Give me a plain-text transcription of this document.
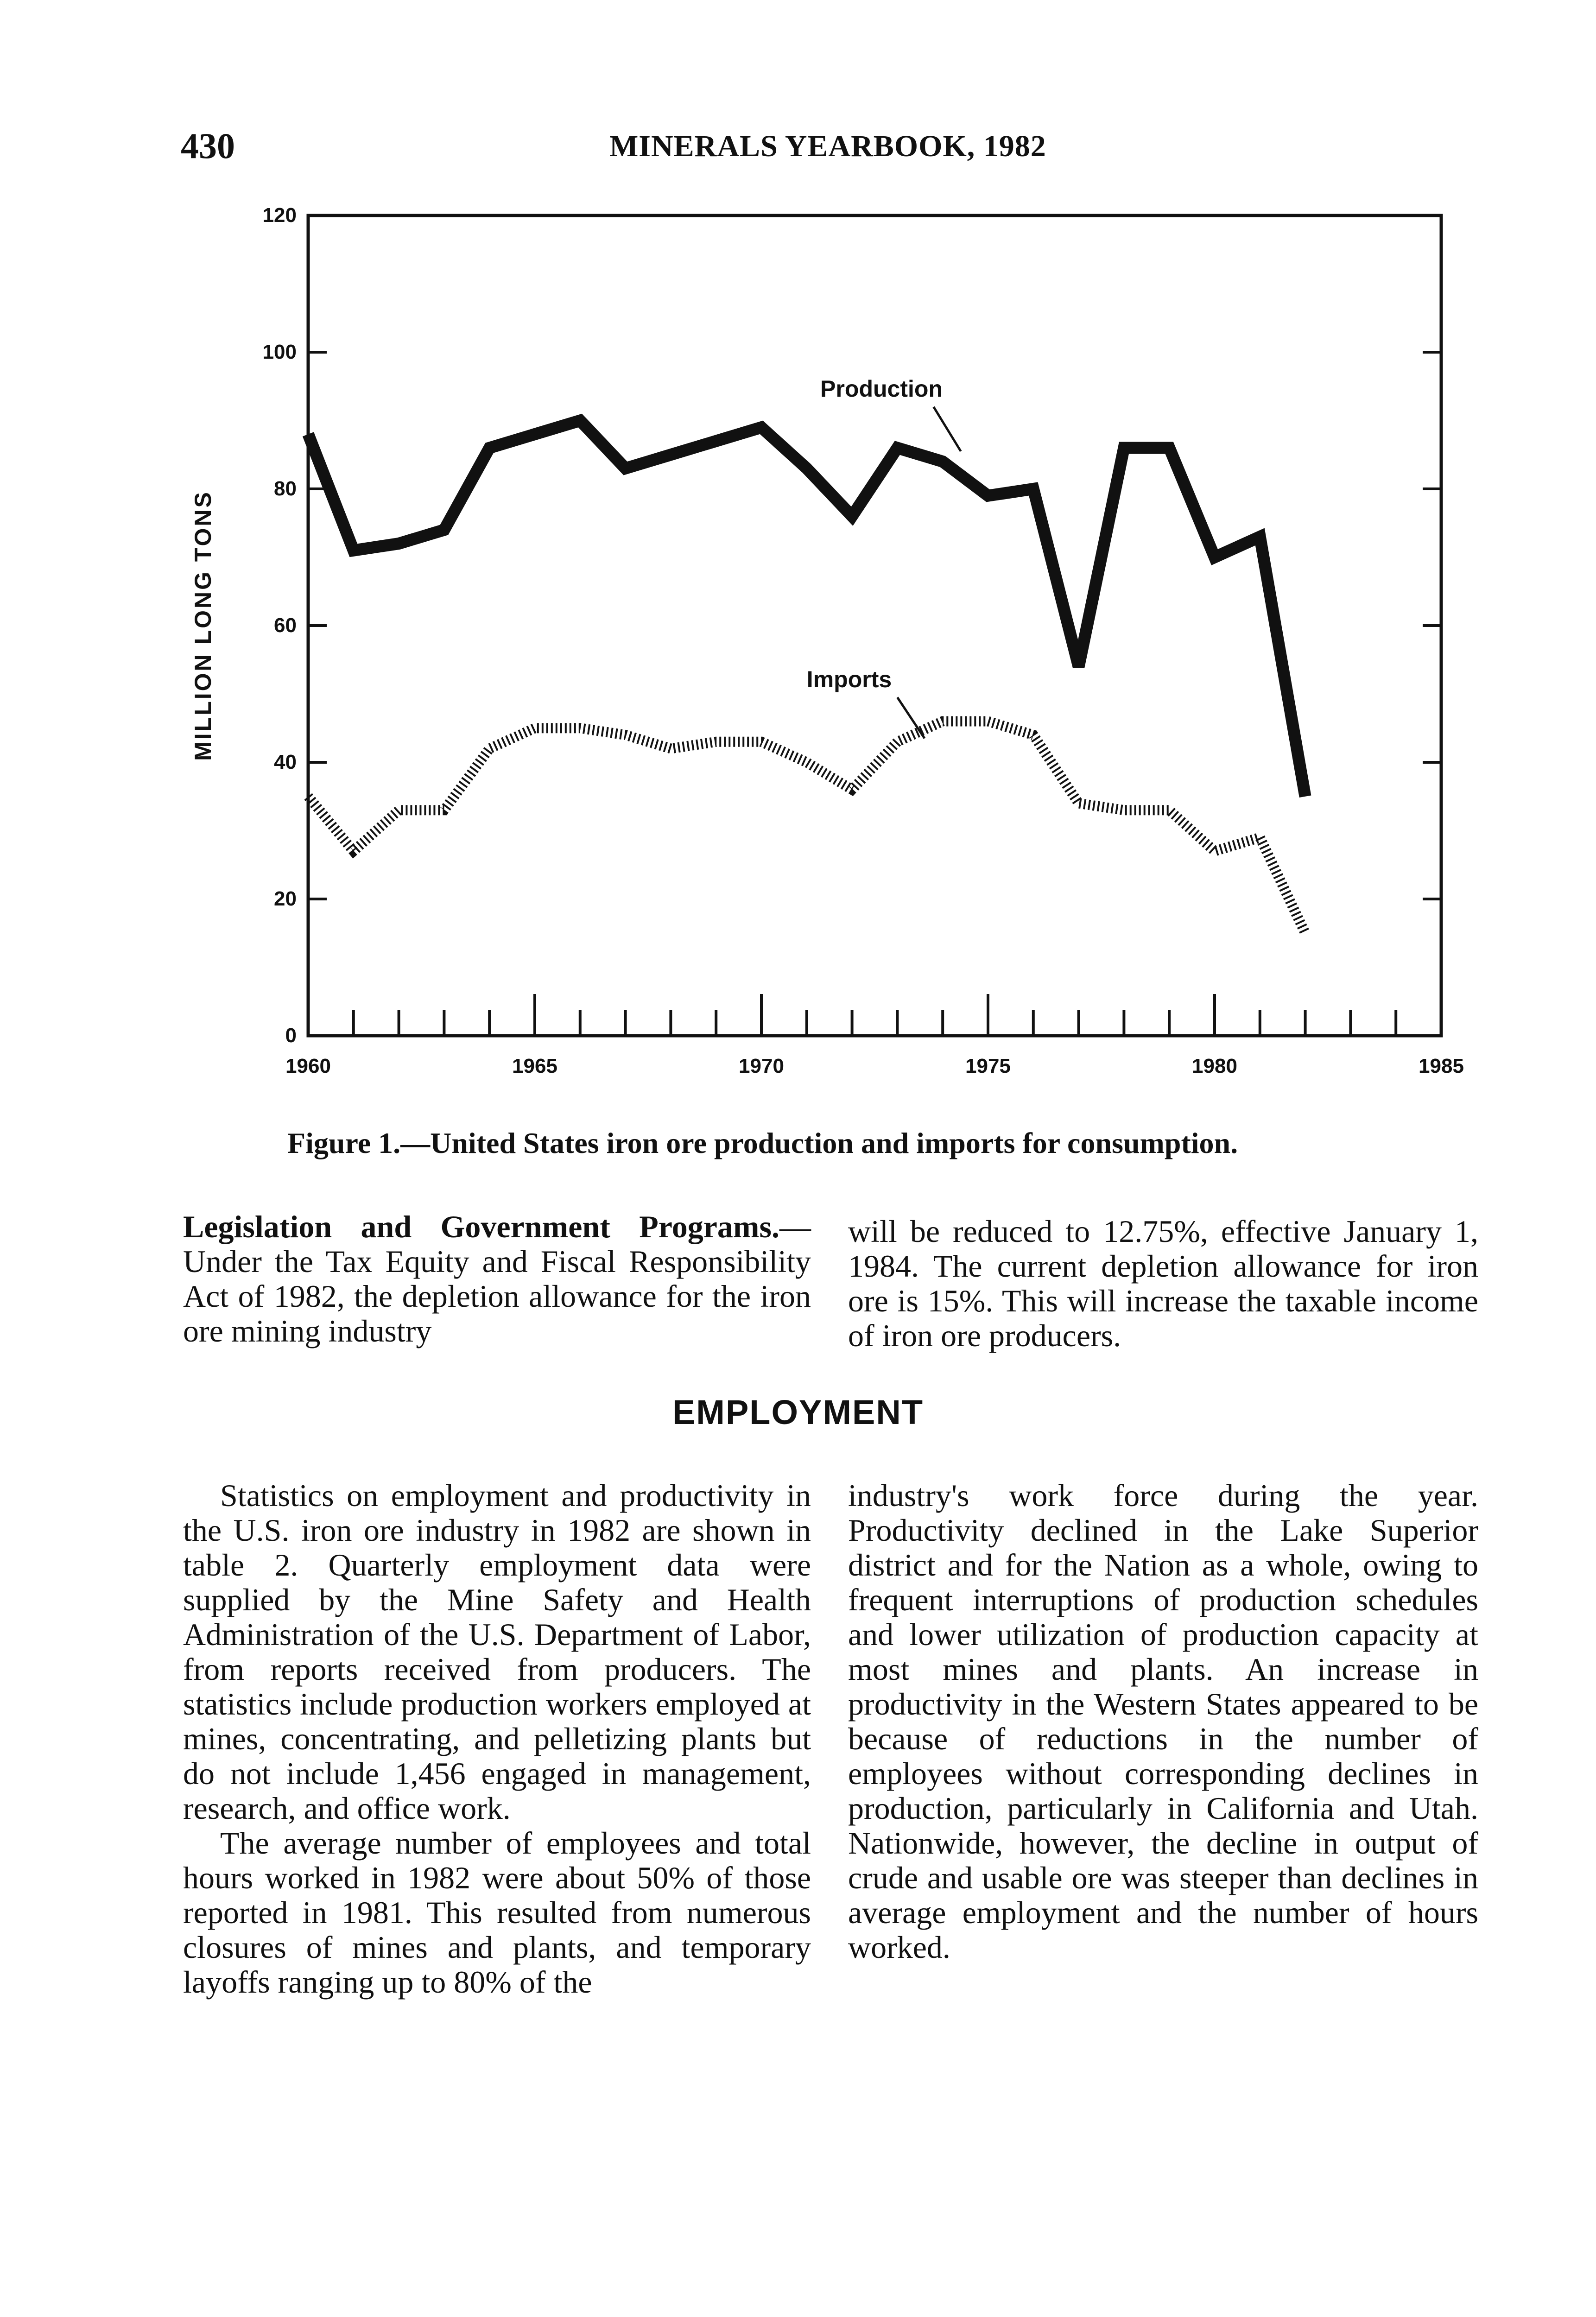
430	MINERALS YEARBOOK, 1982
0
20
40
60
80
100
120
1960	1965	1970	1975	1980	1985
MILLION LONG TONS
Production
Imports
Figure 1.—United States iron ore production and imports for consumption.

Legislation and Government Programs.—Under the Tax Equity and Fiscal Responsibility Act of 1982, the depletion allowance for the iron ore mining industry

will be reduced to 12.75%, effective January 1, 1984. The current depletion allowance for iron ore is 15%. This will increase the taxable income of iron ore producers.

EMPLOYMENT

Statistics on employment and productivity in the U.S. iron ore industry in 1982 are shown in table 2. Quarterly employment data were supplied by the Mine Safety and Health Administration of the U.S. Department of Labor, from reports received from producers. The statistics include production workers employed at mines, concentrating, and pelletizing plants but do not include 1,456 engaged in management, research, and office work.

The average number of employees and total hours worked in 1982 were about 50% of those reported in 1981. This resulted from numerous closures of mines and plants, and temporary layoffs ranging up to 80% of the

industry's work force during the year. Productivity declined in the Lake Superior district and for the Nation as a whole, owing to frequent interruptions of production schedules and lower utilization of production capacity at most mines and plants. An increase in productivity in the Western States appeared to be because of reductions in the number of employees without corresponding declines in production, particularly in California and Utah. Nationwide, however, the decline in output of crude and usable ore was steeper than declines in average employment and the number of hours worked.
